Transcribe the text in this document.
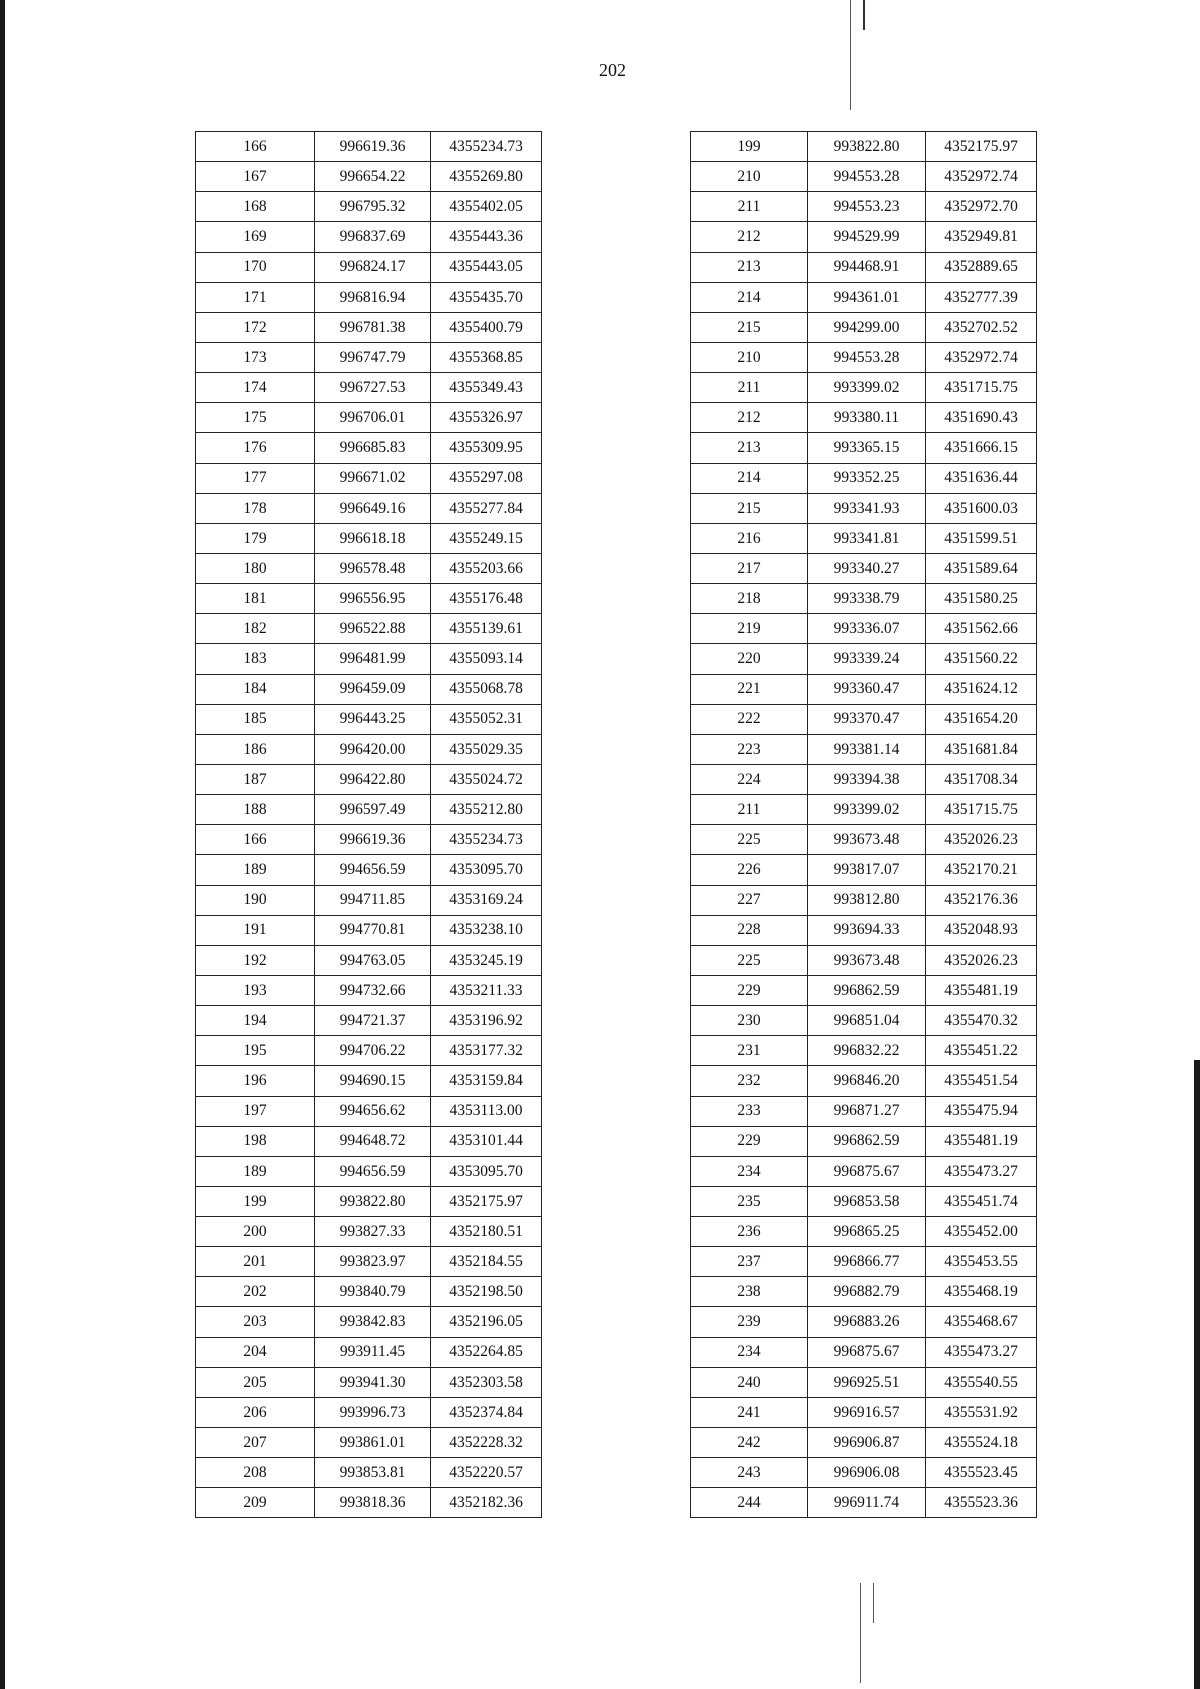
202
166	996619.36	4355234.73
167	996654.22	4355269.80
168	996795.32	4355402.05
169	996837.69	4355443.36
170	996824.17	4355443.05
171	996816.94	4355435.70
172	996781.38	4355400.79
173	996747.79	4355368.85
174	996727.53	4355349.43
175	996706.01	4355326.97
176	996685.83	4355309.95
177	996671.02	4355297.08
178	996649.16	4355277.84
179	996618.18	4355249.15
180	996578.48	4355203.66
181	996556.95	4355176.48
182	996522.88	4355139.61
183	996481.99	4355093.14
184	996459.09	4355068.78
185	996443.25	4355052.31
186	996420.00	4355029.35
187	996422.80	4355024.72
188	996597.49	4355212.80
166	996619.36	4355234.73
189	994656.59	4353095.70
190	994711.85	4353169.24
191	994770.81	4353238.10
192	994763.05	4353245.19
193	994732.66	4353211.33
194	994721.37	4353196.92
195	994706.22	4353177.32
196	994690.15	4353159.84
197	994656.62	4353113.00
198	994648.72	4353101.44
189	994656.59	4353095.70
199	993822.80	4352175.97
200	993827.33	4352180.51
201	993823.97	4352184.55
202	993840.79	4352198.50
203	993842.83	4352196.05
204	993911.45	4352264.85
205	993941.30	4352303.58
206	993996.73	4352374.84
207	993861.01	4352228.32
208	993853.81	4352220.57
209	993818.36	4352182.36
199	993822.80	4352175.97
210	994553.28	4352972.74
211	994553.23	4352972.70
212	994529.99	4352949.81
213	994468.91	4352889.65
214	994361.01	4352777.39
215	994299.00	4352702.52
210	994553.28	4352972.74
211	993399.02	4351715.75
212	993380.11	4351690.43
213	993365.15	4351666.15
214	993352.25	4351636.44
215	993341.93	4351600.03
216	993341.81	4351599.51
217	993340.27	4351589.64
218	993338.79	4351580.25
219	993336.07	4351562.66
220	993339.24	4351560.22
221	993360.47	4351624.12
222	993370.47	4351654.20
223	993381.14	4351681.84
224	993394.38	4351708.34
211	993399.02	4351715.75
225	993673.48	4352026.23
226	993817.07	4352170.21
227	993812.80	4352176.36
228	993694.33	4352048.93
225	993673.48	4352026.23
229	996862.59	4355481.19
230	996851.04	4355470.32
231	996832.22	4355451.22
232	996846.20	4355451.54
233	996871.27	4355475.94
229	996862.59	4355481.19
234	996875.67	4355473.27
235	996853.58	4355451.74
236	996865.25	4355452.00
237	996866.77	4355453.55
238	996882.79	4355468.19
239	996883.26	4355468.67
234	996875.67	4355473.27
240	996925.51	4355540.55
241	996916.57	4355531.92
242	996906.87	4355524.18
243	996906.08	4355523.45
244	996911.74	4355523.36
